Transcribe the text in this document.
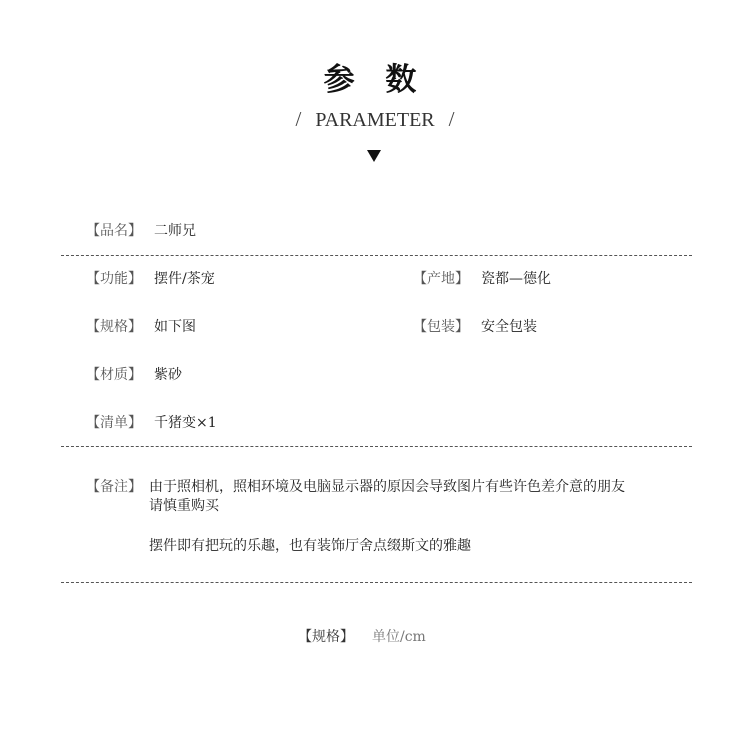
参 数
/ PARAMETER /
【品名】 二师兄
【功能】 摆件/茶宠	【产地】 瓷都—德化
【规格】 如下图	【包装】 安全包装
【材质】 紫砂
【清单】 千猪变×1
【备注】 由于照相机，照相环境及电脑显示器的原因会导致图片有些许色差介意的朋友

请慎重购买

摆件即有把玩的乐趣，也有装饰厅舍点缀斯文的雅趣

【规格】 单位/cm
